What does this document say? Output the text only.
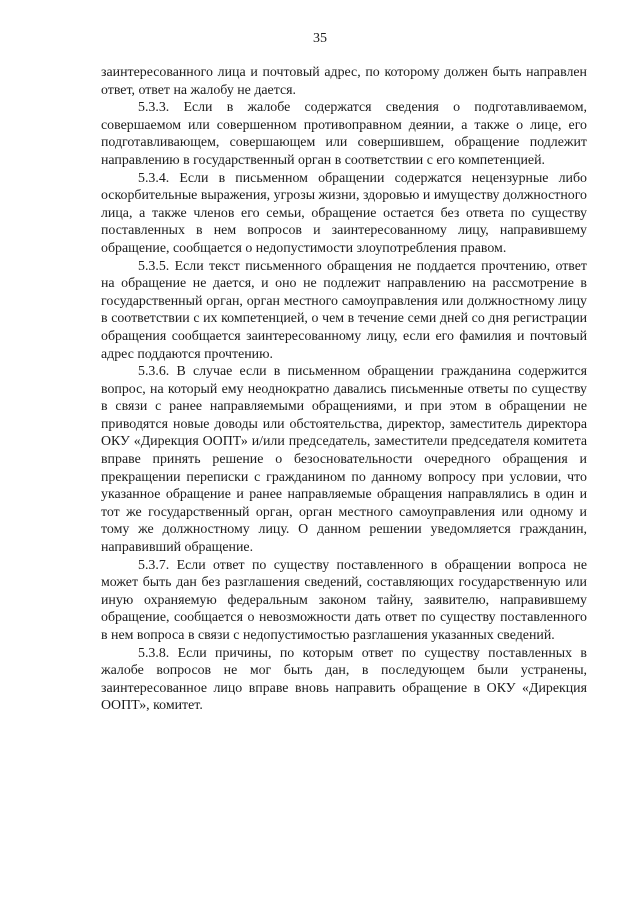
35

заинтересованного лица и почтовый адрес, по которому должен быть направлен ответ, ответ на жалобу не дается.

5.3.3. Если в жалобе содержатся сведения о подготавливаемом, совершаемом или совершенном противоправном деянии, а также о лице, его подготавливающем, совершающем или совершившем, обращение подлежит направлению в государственный орган в соответствии с его компетенцией.

5.3.4. Если в письменном обращении содержатся нецензурные либо оскорбительные выражения, угрозы жизни, здоровью и имуществу должностного лица, а также членов его семьи, обращение остается без ответа по существу поставленных в нем вопросов и заинтересованному лицу, направившему обращение, сообщается о недопустимости злоупотребления правом.

5.3.5. Если текст письменного обращения не поддается прочтению, ответ на обращение не дается, и оно не подлежит направлению на рассмотрение в государственный орган, орган местного самоуправления или должностному лицу в соответствии с их компетенцией, о чем в течение семи дней со дня регистрации обращения сообщается заинтересованному лицу, если его фамилия и почтовый адрес поддаются прочтению.

5.3.6. В случае если в письменном обращении гражданина содержится вопрос, на который ему неоднократно давались письменные ответы по существу в связи с ранее направляемыми обращениями, и при этом в обращении не приводятся новые доводы или обстоятельства, директор, заместитель директора ОКУ «Дирекция ООПТ» и/или председатель, заместители председателя комитета вправе принять решение о безосновательности очередного обращения и прекращении переписки с гражданином по данному вопросу при условии, что указанное обращение и ранее направляемые обращения направлялись в один и тот же государственный орган, орган местного самоуправления или одному и тому же должностному лицу. О данном решении уведомляется гражданин, направивший обращение.

5.3.7. Если ответ по существу поставленного в обращении вопроса не может быть дан без разглашения сведений, составляющих государственную или иную охраняемую федеральным законом тайну, заявителю, направившему обращение, сообщается о невозможности дать ответ по существу поставленного в нем вопроса в связи с недопустимостью разглашения указанных сведений.

5.3.8. Если причины, по которым ответ по существу поставленных в жалобе вопросов не мог быть дан, в последующем были устранены, заинтересованное лицо вправе вновь направить обращение в ОКУ «Дирекция ООПТ», комитет.
